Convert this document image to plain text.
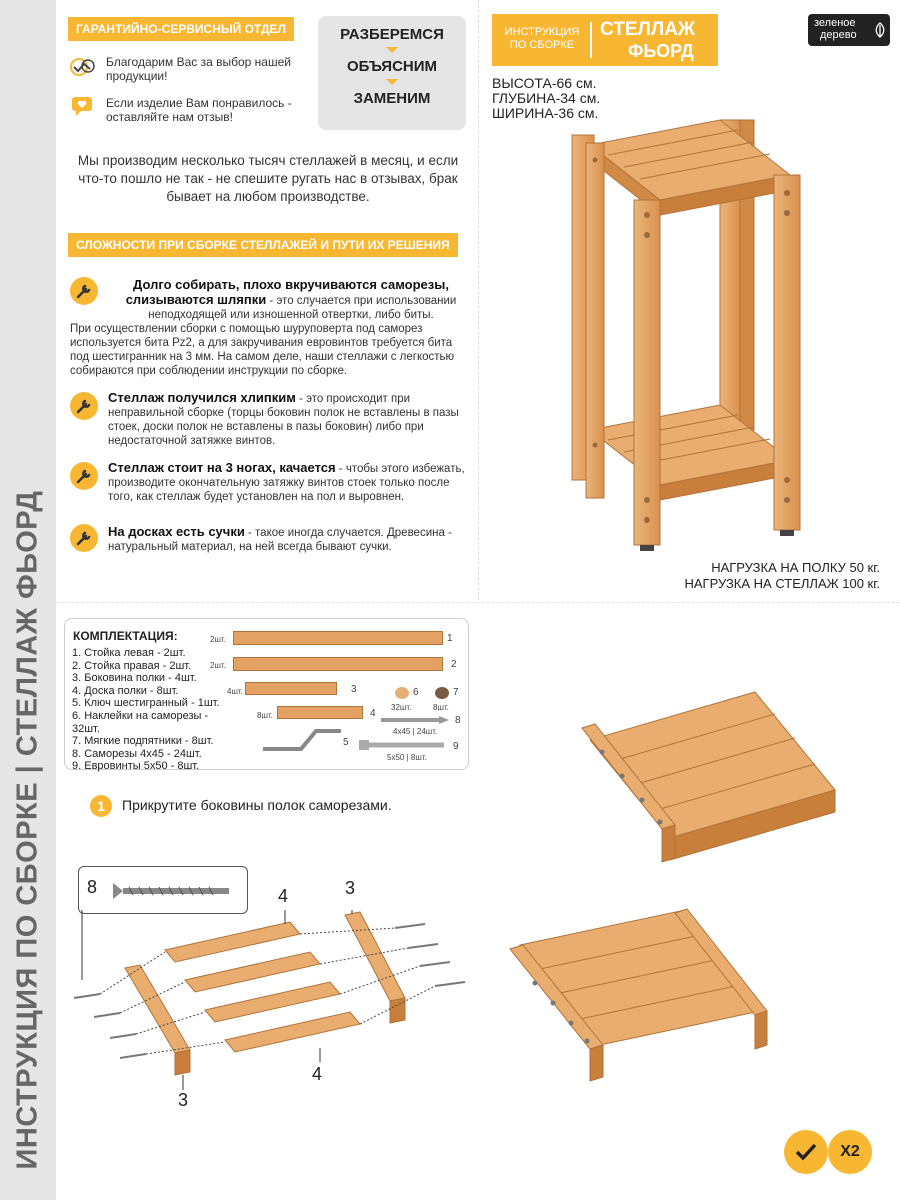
ИНСТРУКЦИЯ ПО СБОРКЕ | СТЕЛЛАЖ ФЬОРД
ГАРАНТИЙНО-СЕРВИСНЫЙ ОТДЕЛ
Благодарим Вас за выбор нашей продукции!
Если изделие Вам понравилось - оставляйте нам отзыв!
РАЗБЕРЕМСЯ
ОБЪЯСНИМ
ЗАМЕНИМ
Мы производим несколько тысяч стеллажей в месяц, и если что-то пошло не так - не спешите ругать нас в отзывах, брак бывает на любом производстве.
СЛОЖНОСТИ ПРИ СБОРКЕ СТЕЛЛАЖЕЙ И ПУТИ ИХ РЕШЕНИЯ
Долго собирать, плохо вкручиваются саморезы, слизываются шляпки - это случается при использовании неподходящей или изношенной отвертки, либо биты.
При осуществлении сборки с помощью шуруповерта под саморез используется бита Pz2, а для закручивания евровинтов требуется бита под шестигранник на 3 мм. На самом деле, наши стеллажи с легкостью собираются при соблюдении инструкции по сборке.
Стеллаж получился хлипким - это происходит при неправильной сборке (торцы боковин полок не вставлены в пазы стоек, доски полок не вставлены в пазы боковин) либо при недостаточной затяжке винтов.
Стеллаж стоит на 3 ногах, качается - чтобы этого избежать, производите окончательную затяжку винтов стоек только после того, как стеллаж будет установлен на пол и выровнен.
На досках есть сучки - такое иногда случается. Древесина - натуральный материал, на ней всегда бывают сучки.
ИНСТРУКЦИЯ ПО СБОРКЕ
СТЕЛЛАЖ
ФЬОРД
зеленое
дерево
ВЫСОТА-66 см.
ГЛУБИНА-34 см.
ШИРИНА-36 см.
НАГРУЗКА НА ПОЛКУ 50 кг.
НАГРУЗКА НА СТЕЛЛАЖ 100 кг.
КОМПЛЕКТАЦИЯ:
1. Стойка левая - 2шт.
2. Стойка правая - 2шт.
3. Боковина полки - 4шт.
4. Доска полки - 8шт.
5. Ключ шестигранный - 1шт.
6. Наклейки на саморезы - 32шт.
7. Мягкие подпятники - 8шт.
8. Саморезы 4х45 - 24шт.
9. Евровинты 5х50 - 8шт.
2шт.	1
2шт.	2
4шт.	3
8шт.	4
5
6
32шт.
7
8шт.
8
4х45 | 24шт.
9
5х50 | 8шт.
1	Прикрутите боковины полок саморезами.
8	4	3
3
4
X2
